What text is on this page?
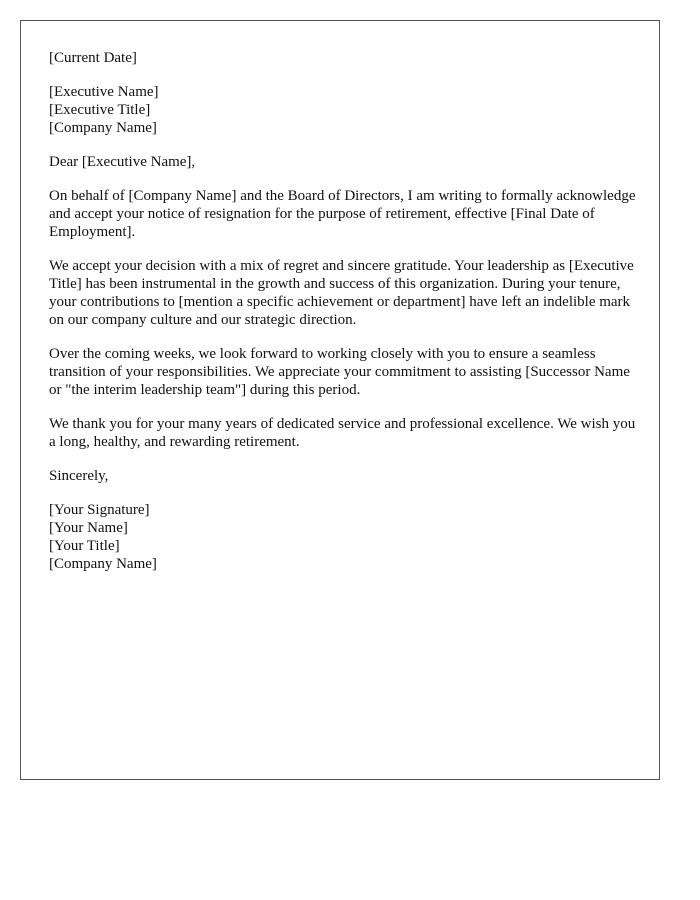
[Current Date]
[Executive Name]
[Executive Title]
[Company Name]
Dear [Executive Name],

On behalf of [Company Name] and the Board of Directors, I am writing to formally acknowledge and accept your notice of resignation for the purpose of retirement, effective [Final Date of Employment].

We accept your decision with a mix of regret and sincere gratitude. Your leadership as [Executive Title] has been instrumental in the growth and success of this organization. During your tenure, your contributions to [mention a specific achievement or department] have left an indelible mark on our company culture and our strategic direction.

Over the coming weeks, we look forward to working closely with you to ensure a seamless transition of your responsibilities. We appreciate your commitment to assisting [Successor Name or "the interim leadership team"] during this period.

We thank you for your many years of dedicated service and professional excellence. We wish you a long, healthy, and rewarding retirement.

Sincerely,
[Your Signature]
[Your Name]
[Your Title]
[Company Name]
